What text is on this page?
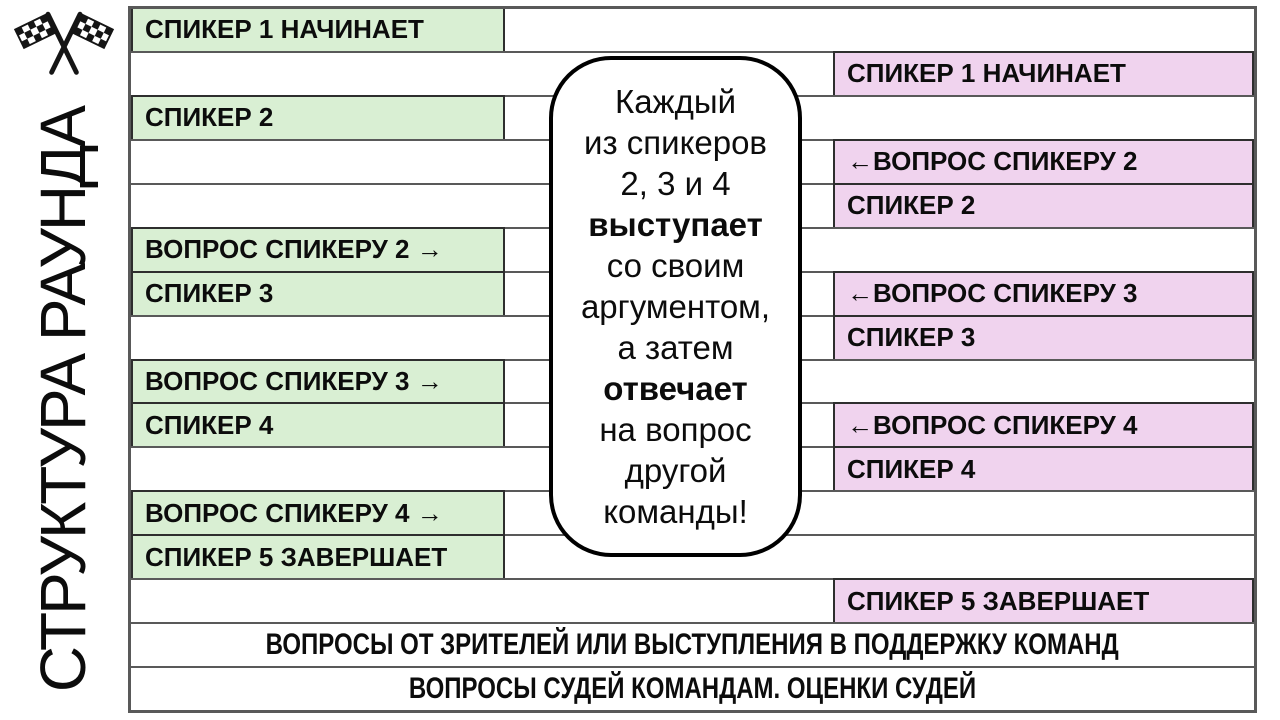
СТРУКТУРА РАУНДА
СПИКЕР 1 НАЧИНАЕТ
СПИКЕР 1 НАЧИНАЕТ
СПИКЕР 2
←ВОПРОС СПИКЕРУ 2
СПИКЕР 2
ВОПРОС СПИКЕРУ 2 →
СПИКЕР 3	←ВОПРОС СПИКЕРУ 3
СПИКЕР 3
ВОПРОС СПИКЕРУ 3 →
СПИКЕР 4	←ВОПРОС СПИКЕРУ 4
СПИКЕР 4
ВОПРОС СПИКЕРУ 4 →
СПИКЕР 5 ЗАВЕРШАЕТ
СПИКЕР 5 ЗАВЕРШАЕТ
ВОПРОСЫ ОТ ЗРИТЕЛЕЙ ИЛИ ВЫСТУПЛЕНИЯ В ПОДДЕРЖКУ КОМАНД
ВОПРОСЫ СУДЕЙ КОМАНДАМ. ОЦЕНКИ СУДЕЙ
Каждый
из спикеров
2, 3 и 4
выступает
со своим
аргументом,
а затем
отвечает
на вопрос
другой
команды!
